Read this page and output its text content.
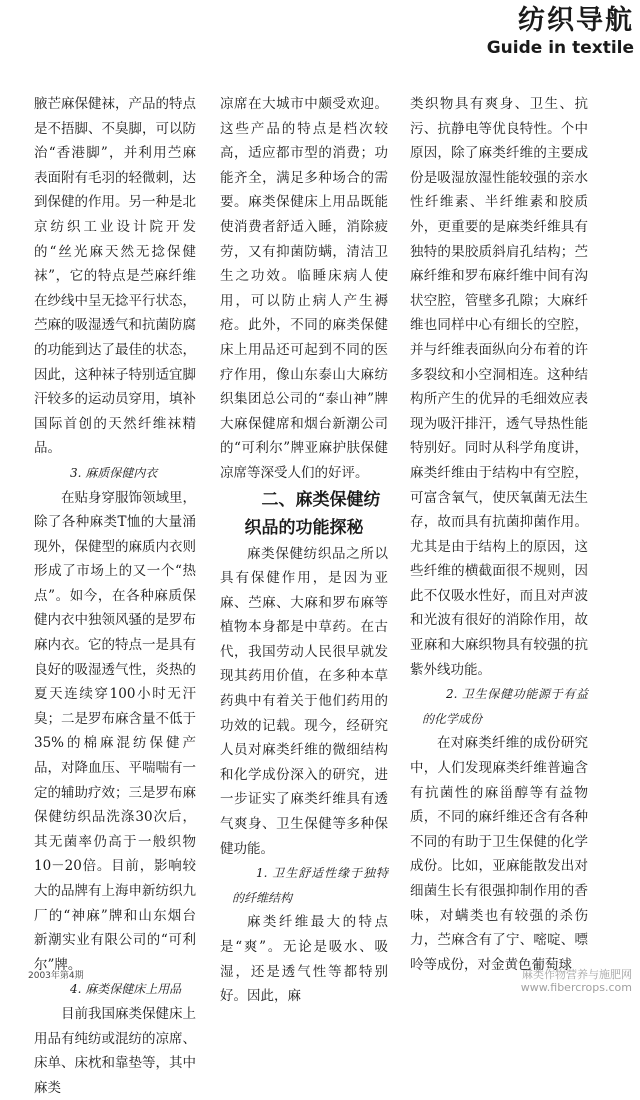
纺织导航
Guide in textile

腋芒麻保健袜，产品的特点是不捂脚、不臭脚，可以防治“香港脚”，并利用苎麻表面附有毛羽的轻微刺，达到保健的作用。另一种是北京纺织工业设计院开发的“丝光麻天然无捻保健袜”，它的特点是苎麻纤维在纱线中呈无捻平行状态，苎麻的吸湿透气和抗菌防腐的功能到达了最佳的状态，因此，这种袜子特别适宜脚汗较多的运动员穿用，填补国际首创的天然纤维袜精品。

3. 麻质保健内衣

在贴身穿服饰领域里，除了各种麻类T恤的大量涌现外，保健型的麻质内衣则形成了市场上的又一个“热点”。如今，在各种麻质保健内衣中独领风骚的是罗布麻内衣。它的特点一是具有良好的吸湿透气性，炎热的夏天连续穿100小时无汗臭；二是罗布麻含量不低于35%的棉麻混纺保健产品，对降血压、平喘喘有一定的辅助疗效；三是罗布麻保健纺织品洗涤30次后，其无菌率仍高于一般织物10－20倍。目前，影响较大的品牌有上海申新纺织九厂的“神麻”牌和山东烟台新潮实业有限公司的“可利尔”牌。

4. 麻类保健床上用品

目前我国麻类保健床上用品有纯纺或混纺的凉席、床单、床枕和靠垫等，其中麻类

凉席在大城市中颇受欢迎。这些产品的特点是档次较高，适应都市型的消费；功能齐全，满足多种场合的需要。麻类保健床上用品既能使消费者舒适入睡，消除疲劳，又有抑菌防螨，清洁卫生之功效。临睡床病人使用，可以防止病人产生褥疮。此外，不同的麻类保健床上用品还可起到不同的医疗作用，像山东泰山大麻纺织集团总公司的“泰山神”牌大麻保健席和烟台新潮公司的“可利尔”牌亚麻护肤保健凉席等深受人们的好评。

二、麻类保健纺织品的功能探秘

麻类保健纺织品之所以具有保健作用，是因为亚麻、苎麻、大麻和罗布麻等植物本身都是中草药。在古代，我国劳动人民很早就发现其药用价值，在多种本草药典中有着关于他们药用的功效的记载。现今，经研究人员对麻类纤维的微细结构和化学成份深入的研究，进一步证实了麻类纤维具有透气爽身、卫生保健等多种保健功能。

1. 卫生舒适性缘于独特的纤维结构

麻类纤维最大的特点是“爽”。无论是吸水、吸湿，还是透气性等都特别好。因此，麻

类织物具有爽身、卫生、抗污、抗静电等优良特性。个中原因，除了麻类纤维的主要成份是吸湿放湿性能较强的亲水性纤维素、半纤维素和胶质外，更重要的是麻类纤维具有独特的果胶质斜肩孔结构；苎麻纤维和罗布麻纤维中间有沟状空腔，管壁多孔隙；大麻纤维也同样中心有细长的空腔，并与纤维表面纵向分布着的许多裂纹和小空洞相连。这种结构所产生的优异的毛细效应表现为吸汗排汗，透气导热性能特别好。同时从科学角度讲，麻类纤维由于结构中有空腔，可富含氧气，使厌氧菌无法生存，故而具有抗菌抑菌作用。尤其是由于结构上的原因，这些纤维的横截面很不规则，因此不仅吸水性好，而且对声波和光波有很好的消除作用，故亚麻和大麻织物具有较强的抗紫外线功能。

2. 卫生保健功能源于有益的化学成份

在对麻类纤维的成份研究中，人们发现麻类纤维普遍含有抗菌性的麻甾醇等有益物质，不同的麻纤维还含有各种不同的有助于卫生保健的化学成份。比如，亚麻能散发出对细菌生长有很强抑制作用的香味，对螨类也有较强的杀伤力，苎麻含有了宁、嘧啶、嘌呤等成份，对金黄色葡萄球

2003年第4期	麻类作物营养与施肥网
www.fibercrops.com
